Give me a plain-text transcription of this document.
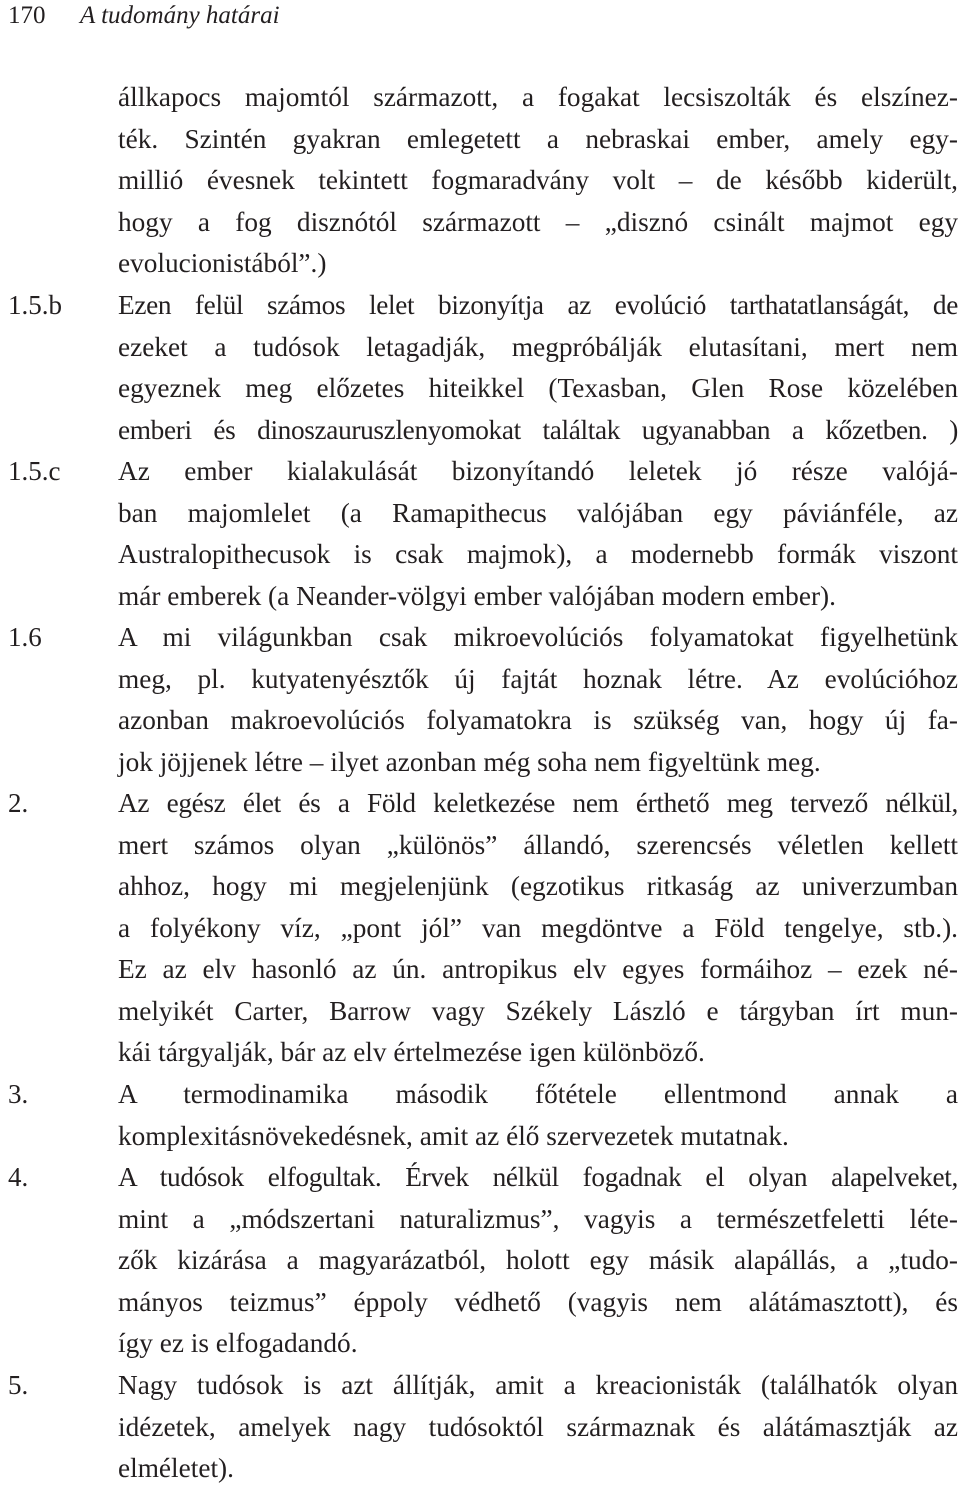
170 A tudomány határai
állkapocs majomtól származott, a fogakat lecsiszolták és elszínez-
ték. Szintén gyakran emlegetett a nebraskai ember, amely egy-
millió évesnek tekintett fogmaradvány volt – de később kiderült,
hogy a fog disznótól származott – „disznó csinált majmot egy
evolucionistából”.)
1.5.b Ezen felül számos lelet bizonyítja az evolúció tarthatatlanságát, de
ezeket a tudósok letagadják, megpróbálják elutasítani, mert nem
egyeznek meg előzetes hiteikkel (Texasban, Glen Rose közelében
emberi és dinoszauruszlenyomokat találtak ugyanabban a kőzetben. )
1.5.c Az ember kialakulását bizonyítandó leletek jó része valójá-
ban majomlelet (a Ramapithecus valójában egy páviánféle, az
Australopithecusok is csak majmok), a modernebb formák viszont
már emberek (a Neander-völgyi ember valójában modern ember).
1.6	A mi világunkban csak mikroevolúciós folyamatokat figyelhetünk
meg, pl. kutyatenyésztők új fajtát hoznak létre. Az evolúcióhoz
azonban makroevolúciós folyamatokra is szükség van, hogy új fa-
jok jöjjenek létre – ilyet azonban még soha nem figyeltünk meg.
2.	Az egész élet és a Föld keletkezése nem érthető meg tervező nélkül,
mert számos olyan „különös” állandó, szerencsés véletlen kellett
ahhoz, hogy mi megjelenjünk (egzotikus ritkaság az univerzumban
a folyékony víz, „pont jól” van megdöntve a Föld tengelye, stb.).
Ez az elv hasonló az ún. antropikus elv egyes formáihoz – ezek né-
melyikét Carter, Barrow vagy Székely László e tárgyban írt mun-
kái tárgyalják, bár az elv értelmezése igen különböző.
3.	A termodinamika második főtétele ellentmond annak a
komplexitásnövekedésnek, amit az élő szervezetek mutatnak.
4.	A tudósok elfogultak. Érvek nélkül fogadnak el olyan alapelveket,
mint a „módszertani naturalizmus”, vagyis a természetfeletti léte-
zők kizárása a magyarázatból, holott egy másik alapállás, a „tudo-
mányos teizmus” éppoly védhető (vagyis nem alátámasztott), és
így ez is elfogadandó.
5.	Nagy tudósok is azt állítják, amit a kreacionisták (találhatók olyan
idézetek, amelyek nagy tudósoktól származnak és alátámasztják az
elméletet).
